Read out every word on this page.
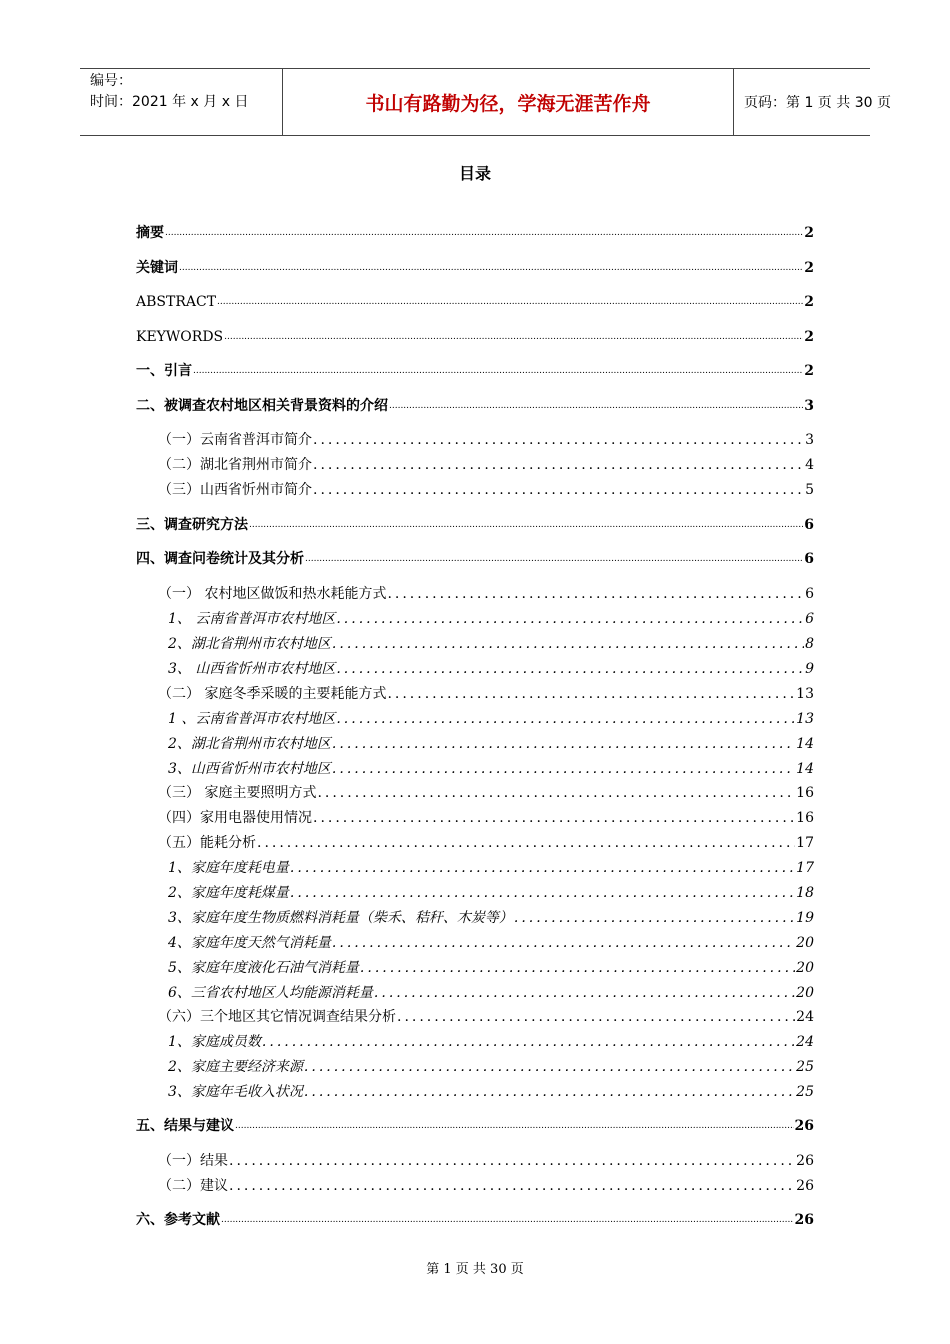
编号：
时间：2021 年 x 月 x 日	书山有路勤为径，学海无涯苦作舟	页码：第 1 页 共 30 页
目录
摘要 .....	2
关键词 .....	2
ABSTRACT .....	2
KEYWORDS .....	2
一、引言 .....	2
二、被调查农村地区相关背景资料的介绍 .....	3
（一）云南省普洱市简介 .....	3
（二）湖北省荆州市简介 .....	4
（三）山西省忻州市简介 .....	5
三、调查研究方法 .....	6
四、调查问卷统计及其分析 .....	6
（一） 农村地区做饭和热水耗能方式 .....	6
1、 云南省普洱市农村地区 .....	6
2、湖北省荆州市农村地区 .....	8
3、 山西省忻州市农村地区 .....	9
（二） 家庭冬季采暖的主要耗能方式 .....	13
1 、云南省普洱市农村地区 .....	13
2、湖北省荆州市农村地区 .....	14
3、山西省忻州市农村地区 .....	14
（三） 家庭主要照明方式 .....	16
（四）家用电器使用情况 .....	16
（五）能耗分析 .....	17
1、家庭年度耗电量 .....	17
2、家庭年度耗煤量 .....	18
3、家庭年度生物质燃料消耗量（柴禾、秸秆、木炭等） .....	19
4、家庭年度天然气消耗量 .....	20
5、家庭年度液化石油气消耗量 .....	20
6、三省农村地区人均能源消耗量 .....	20
（六）三个地区其它情况调查结果分析 .....	24
1、家庭成员数 .....	24
2、家庭主要经济来源 .....	25
3、家庭年毛收入状况 .....	25
五、结果与建议 .....	26
（一）结果 .....	26
（二）建议 .....	26
六、参考文献 .....	26
第 1 页 共 30 页
